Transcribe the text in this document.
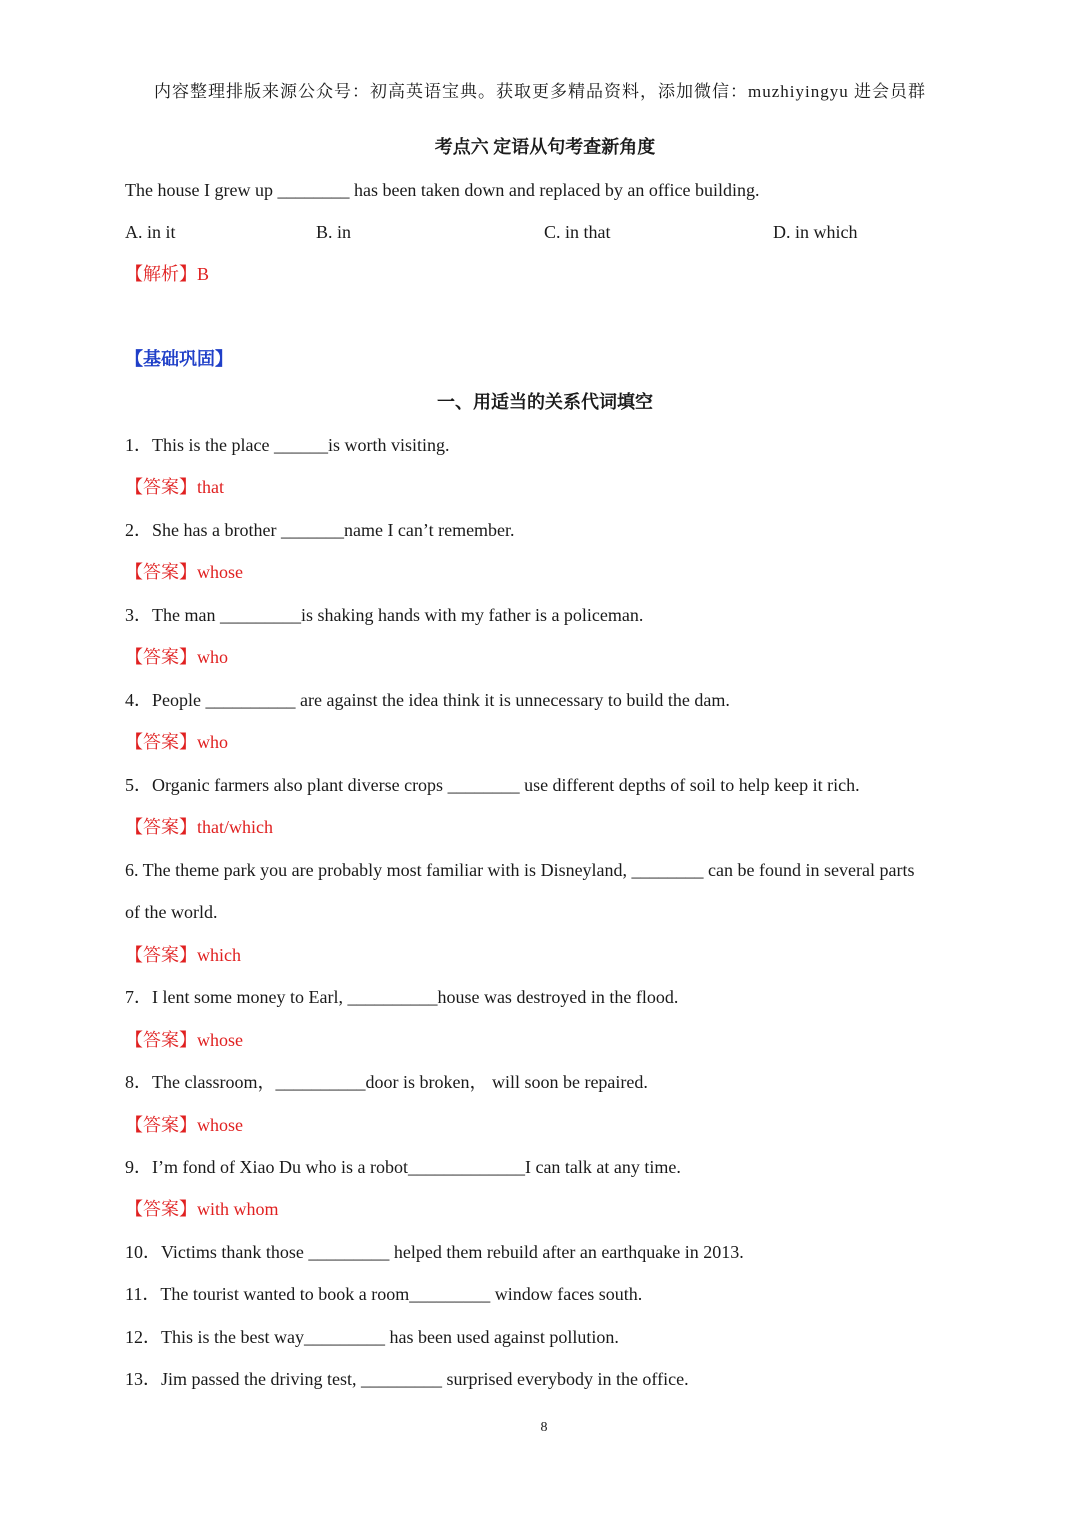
内容整理排版来源公众号：初高英语宝典。获取更多精品资料，添加微信：muzhiyingyu 进会员群
考点六 定语从句考查新角度
The house I grew up ________ has been taken down and replaced by an office building.
A. in it	B. in	C. in that	D. in which
【解析】B
【基础巩固】
一、用适当的关系代词填空
1．This is the place ______is worth visiting.
【答案】that
2．She has a brother _______name I can’t remember.
【答案】whose
3．The man _________is shaking hands with my father is a policeman.
【答案】who
4．People __________ are against the idea think it is unnecessary to build the dam.
【答案】who
5．Organic farmers also plant diverse crops ________ use different depths of soil to help keep it rich.
【答案】that/which
6. The theme park you are probably most familiar with is Disneyland, ________ can be found in several parts
of the world.
【答案】which
7．I lent some money to Earl, __________house was destroyed in the flood.
【答案】whose
8．The classroom，__________door is broken， will soon be repaired.
【答案】whose
9．I’m fond of Xiao Du who is a robot_____________I can talk at any time.
【答案】with whom
10．Victims thank those _________ helped them rebuild after an earthquake in 2013.
11．The tourist wanted to book a room_________ window faces south.
12．This is the best way_________ has been used against pollution.
13．Jim passed the driving test, _________ surprised everybody in the office.
8
